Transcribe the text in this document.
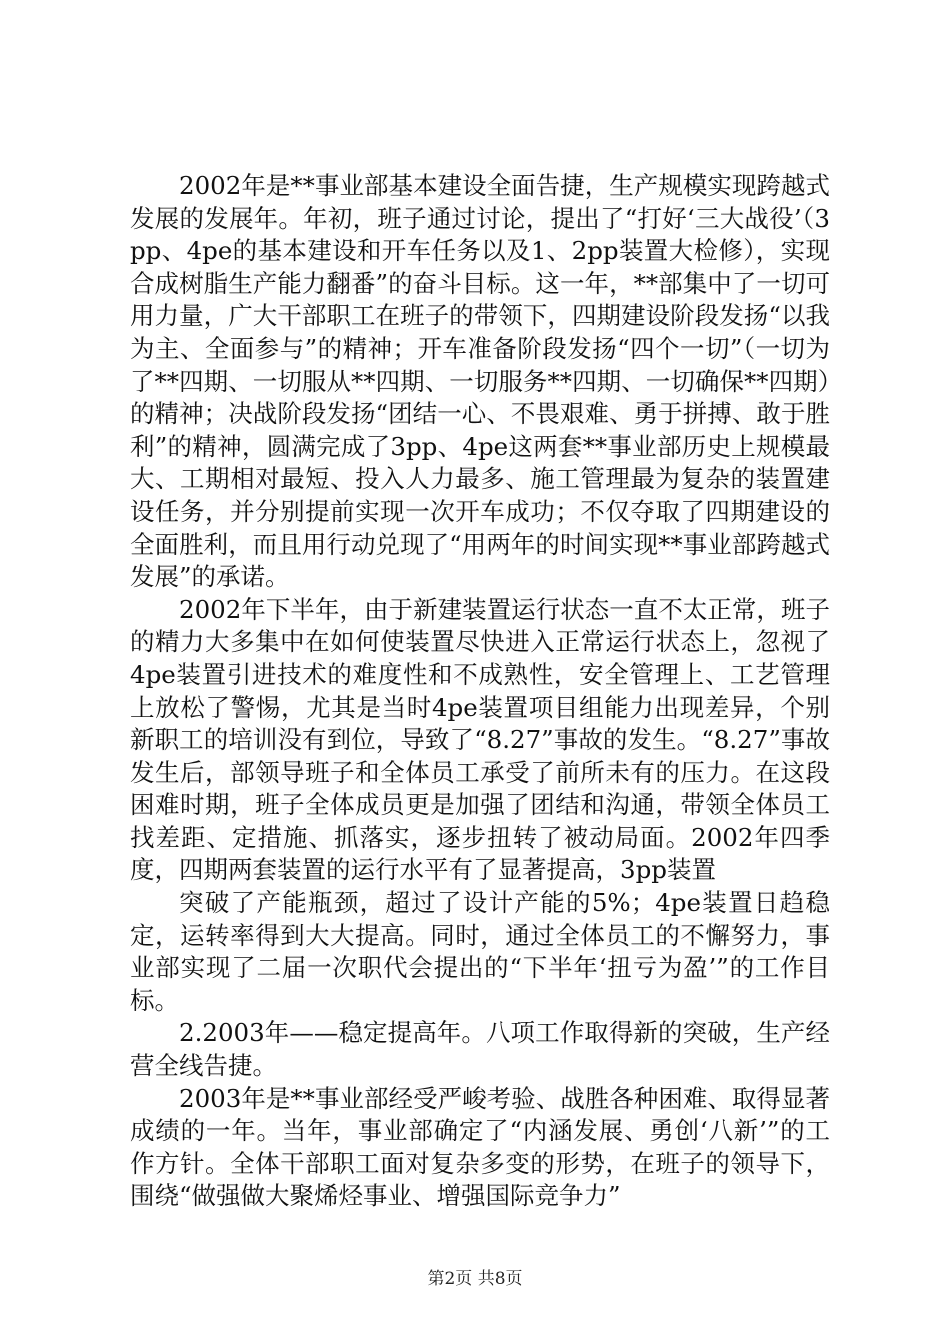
2002年是**事业部基本建设全面告捷，生产规模实现跨越式发展的发展年。年初，班子通过讨论，提出了“打好‘三大战役’（3pp、4pe的基本建设和开车任务以及1、2pp装置大检修），实现合成树脂生产能力翻番”的奋斗目标。这一年，**部集中了一切可用力量，广大干部职工在班子的带领下，四期建设阶段发扬“以我为主、全面参与”的精神；开车准备阶段发扬“四个一切”（一切为了**四期、一切服从**四期、一切服务**四期、一切确保**四期）的精神；决战阶段发扬“团结一心、不畏艰难、勇于拼搏、敢于胜利”的精神，圆满完成了3pp、4pe这两套**事业部历史上规模最大、工期相对最短、投入人力最多、施工管理最为复杂的装置建设任务，并分别提前实现一次开车成功；不仅夺取了四期建设的全面胜利，而且用行动兑现了“用两年的时间实现**事业部跨越式发展”的承诺。

2002年下半年，由于新建装置运行状态一直不太正常，班子的精力大多集中在如何使装置尽快进入正常运行状态上，忽视了4pe装置引进技术的难度性和不成熟性，安全管理上、工艺管理上放松了警惕，尤其是当时4pe装置项目组能力出现差异，个别新职工的培训没有到位，导致了“8.27”事故的发生。“8.27”事故发生后，部领导班子和全体员工承受了前所未有的压力。在这段困难时期，班子全体成员更是加强了团结和沟通，带领全体员工找差距、定措施、抓落实，逐步扭转了被动局面。2002年四季度，四期两套装置的运行水平有了显著提高，3pp装置

突破了产能瓶颈，超过了设计产能的5%；4pe装置日趋稳定，运转率得到大大提高。同时，通过全体员工的不懈努力，事业部实现了二届一次职代会提出的“下半年‘扭亏为盈’”的工作目标。

2.2003年——稳定提高年。八项工作取得新的突破，生产经营全线告捷。

2003年是**事业部经受严峻考验、战胜各种困难、取得显著成绩的一年。当年，事业部确定了“内涵发展、勇创‘八新’”的工作方针。全体干部职工面对复杂多变的形势，在班子的领导下，围绕“做强做大聚烯烃事业、增强国际竞争力”

第2页 共8页
